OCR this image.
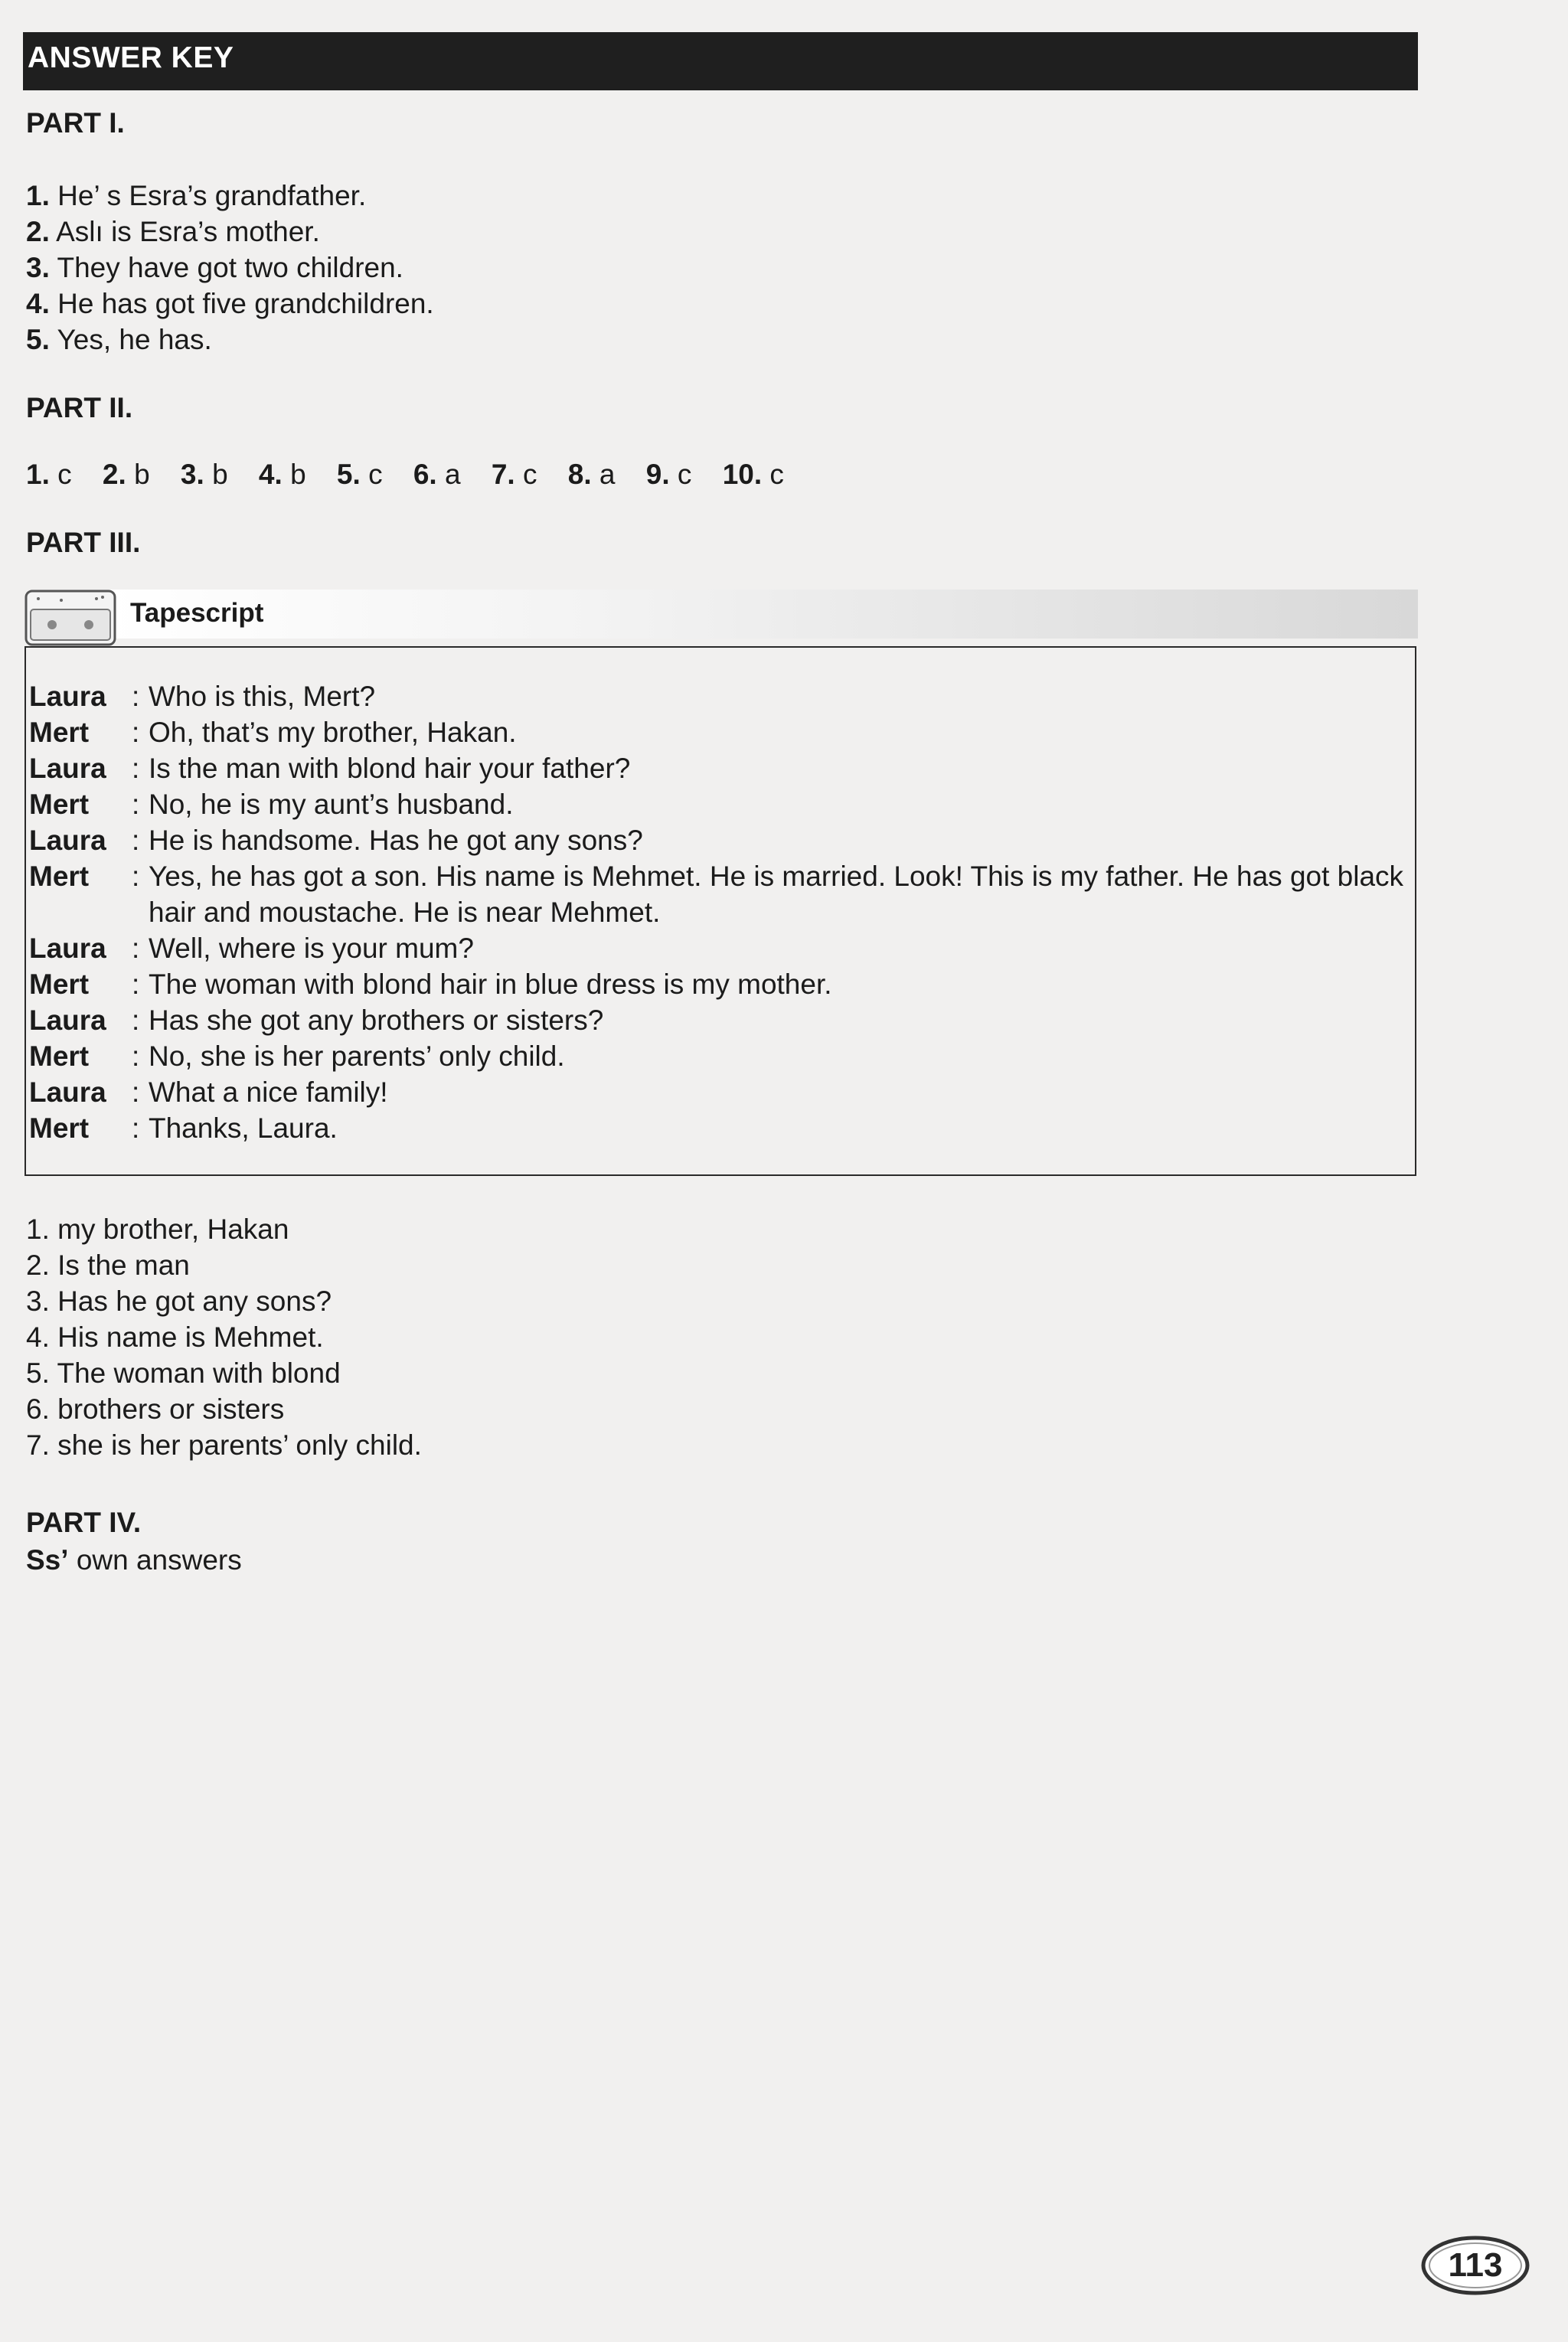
ANSWER KEY
PART I.
1. He’ s Esra’s grandfather.
2. Aslı is Esra’s mother.
3. They have got two children.
4. He has got five grandchildren.
5. Yes, he has.
PART II.
1. c 2. b 3. b 4. b 5. c 6. a 7. c 8. a 9. c 10. c
PART III.
Tapescript
Laura : Who is this, Mert?
Mert	: Oh, that’s my brother, Hakan.
Laura : Is the man with blond hair your father?
Mert	: No, he is my aunt’s husband.
Laura : He is handsome. Has he got any sons?
Mert	: Yes, he has got a son. His name is Mehmet. He is married. Look! This is my father. He has got black hair and moustache. He is near Mehmet.
Laura : Well, where is your mum?
Mert	: The woman with blond hair in blue dress is my mother.
Laura : Has she got any brothers or sisters?
Mert	: No, she is her parents’ only child.
Laura : What a nice family!
Mert	: Thanks, Laura.
1. my brother, Hakan
2. Is the man
3. Has he got any sons?
4. His name is Mehmet.
5. The woman with blond
6. brothers or sisters
7. she is her parents’ only child.
PART IV.
Ss’ own answers
113
